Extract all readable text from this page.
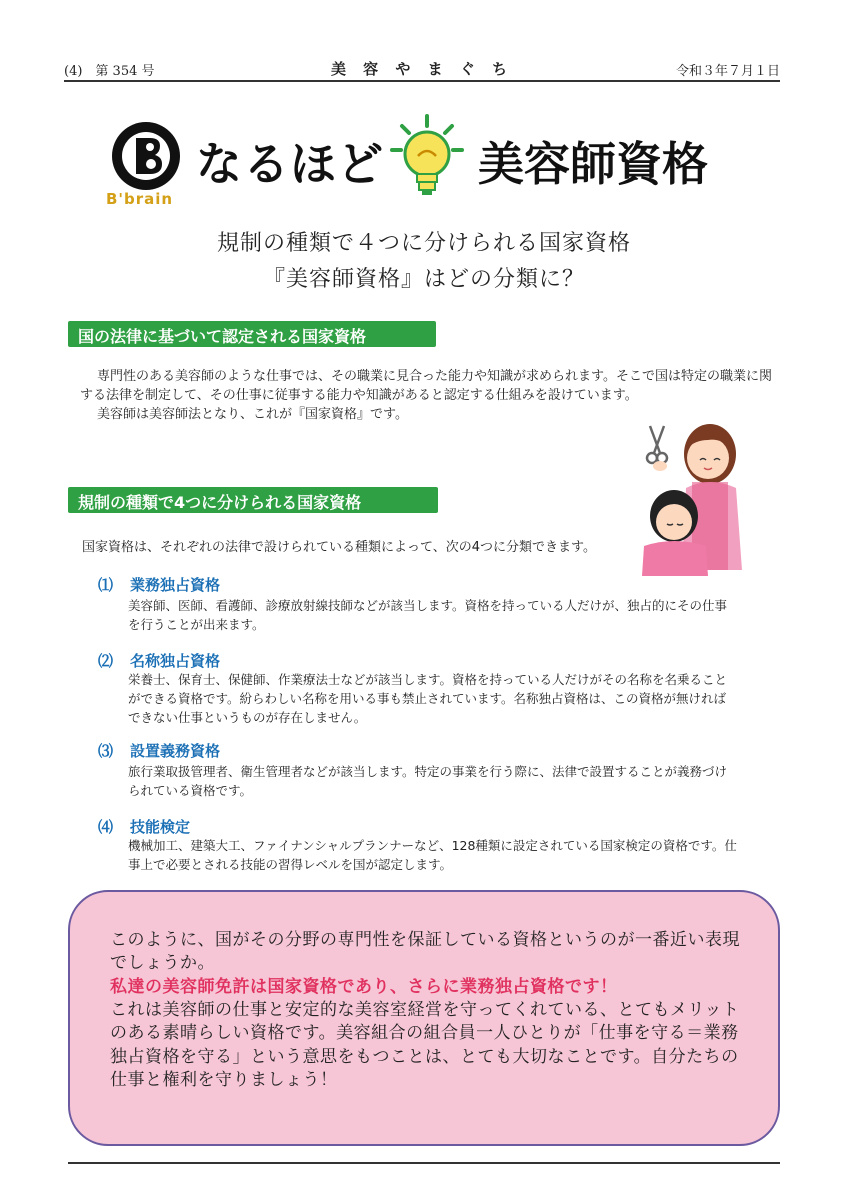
(4)　第 354 号	美 容 や ま ぐ ち	令和３年７月１日
B'brain
なるほど 美容師資格
規制の種類で４つに分けられる国家資格
『美容師資格』はどの分類に？
国の法律に基づいて認定される国家資格
専門性のある美容師のような仕事では、その職業に見合った能力や知識が求められます。そこで国は特定の職業に関する法律を制定して、その仕事に従事する能力や知識があると認定する仕組みを設けています。
美容師は美容師法となり、これが『国家資格』です。
規制の種類で4つに分けられる国家資格
国家資格は、それぞれの法律で設けられている種類によって、次の4つに分類できます。
⑴ 業務独占資格
美容師、医師、看護師、診療放射線技師などが該当します。資格を持っている人だけが、独占的にその仕事を行うことが出来ます。
⑵ 名称独占資格
栄養士、保育士、保健師、作業療法士などが該当します。資格を持っている人だけがその名称を名乗ることができる資格です。紛らわしい名称を用いる事も禁止されています。名称独占資格は、この資格が無ければできない仕事というものが存在しません。
⑶ 設置義務資格
旅行業取扱管理者、衛生管理者などが該当します。特定の事業を行う際に、法律で設置することが義務づけられている資格です。
⑷ 技能検定
機械加工、建築大工、ファイナンシャルプランナーなど、128種類に設定されている国家検定の資格です。仕事上で必要とされる技能の習得レベルを国が認定します。
このように、国がその分野の専門性を保証している資格というのが一番近い表現でしょうか。
私達の美容師免許は国家資格であり、さらに業務独占資格です！
これは美容師の仕事と安定的な美容室経営を守ってくれている、とてもメリットのある素晴らしい資格です。美容組合の組合員一人ひとりが「仕事を守る＝業務独占資格を守る」という意思をもつことは、とても大切なことです。自分たちの仕事と権利を守りましょう！
